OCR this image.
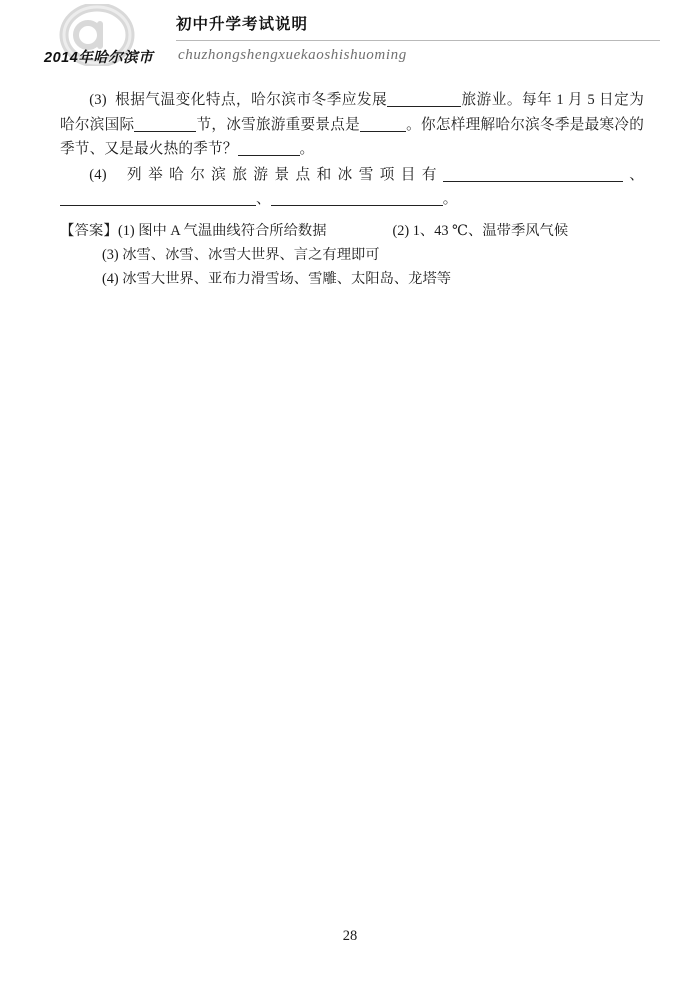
2014年哈尔滨市
初中升学考试说明
chuzhongshengxuekaoshishuoming

(3) 根据气温变化特点，哈尔滨市冬季应发展	旅游业。每年 1 月 5 日定为哈尔滨国际	节，冰雪旅游重要景点是	。你怎样理解哈尔滨冬季是最寒冷的季节、又是最火热的季节？	。

(4) 列举哈尔滨旅游景点和冰雪项目有	、、	。

【答案】(1) 图中 A 气温曲线符合所给数据	(2) 1、43 ℃、温带季风气候
(3) 冰雪、冰雪、冰雪大世界、言之有理即可
(4) 冰雪大世界、亚布力滑雪场、雪雕、太阳岛、龙塔等
28
